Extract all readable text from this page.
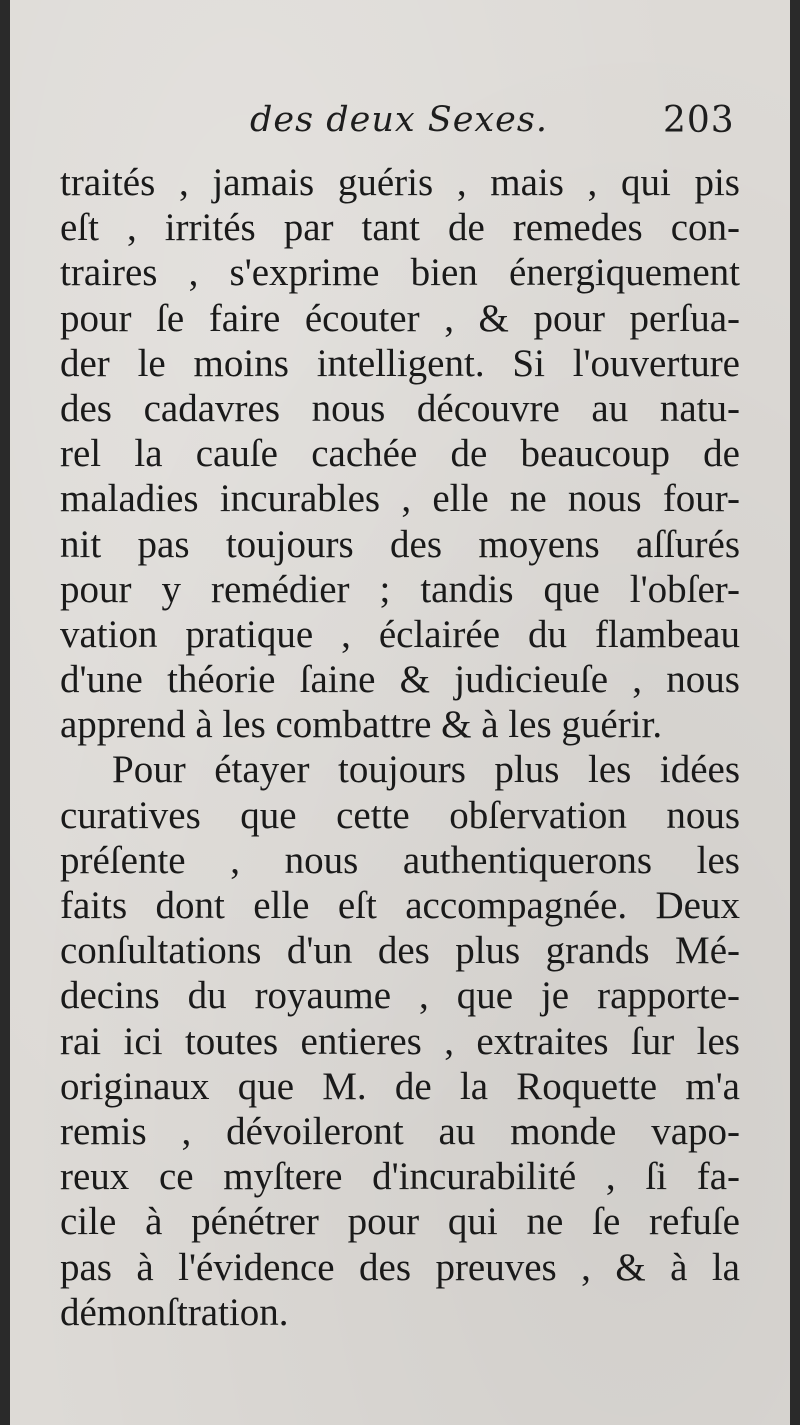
des deux Sexes.	203
traités , jamais guéris , mais , qui pis
eſt , irrités par tant de remedes con-
traires , s'exprime bien énergiquement
pour ſe faire écouter , & pour perſua-
der le moins intelligent. Si l'ouverture
des cadavres nous découvre au natu-
rel la cauſe cachée de beaucoup de
maladies incurables , elle ne nous four-
nit pas toujours des moyens aſſurés
pour y remédier ; tandis que l'obſer-
vation pratique , éclairée du flambeau
d'une théorie ſaine & judicieuſe , nous
apprend à les combattre & à les guérir.
Pour étayer toujours plus les idées
curatives que cette obſervation nous
préſente , nous authentiquerons les
faits dont elle eſt accompagnée. Deux
conſultations d'un des plus grands Mé-
decins du royaume , que je rapporte-
rai ici toutes entieres , extraites ſur les
originaux que M. de la Roquette m'a
remis , dévoileront au monde vapo-
reux ce myſtere d'incurabilité , ſi fa-
cile à pénétrer pour qui ne ſe refuſe
pas à l'évidence des preuves , & à la
démonſtration.
